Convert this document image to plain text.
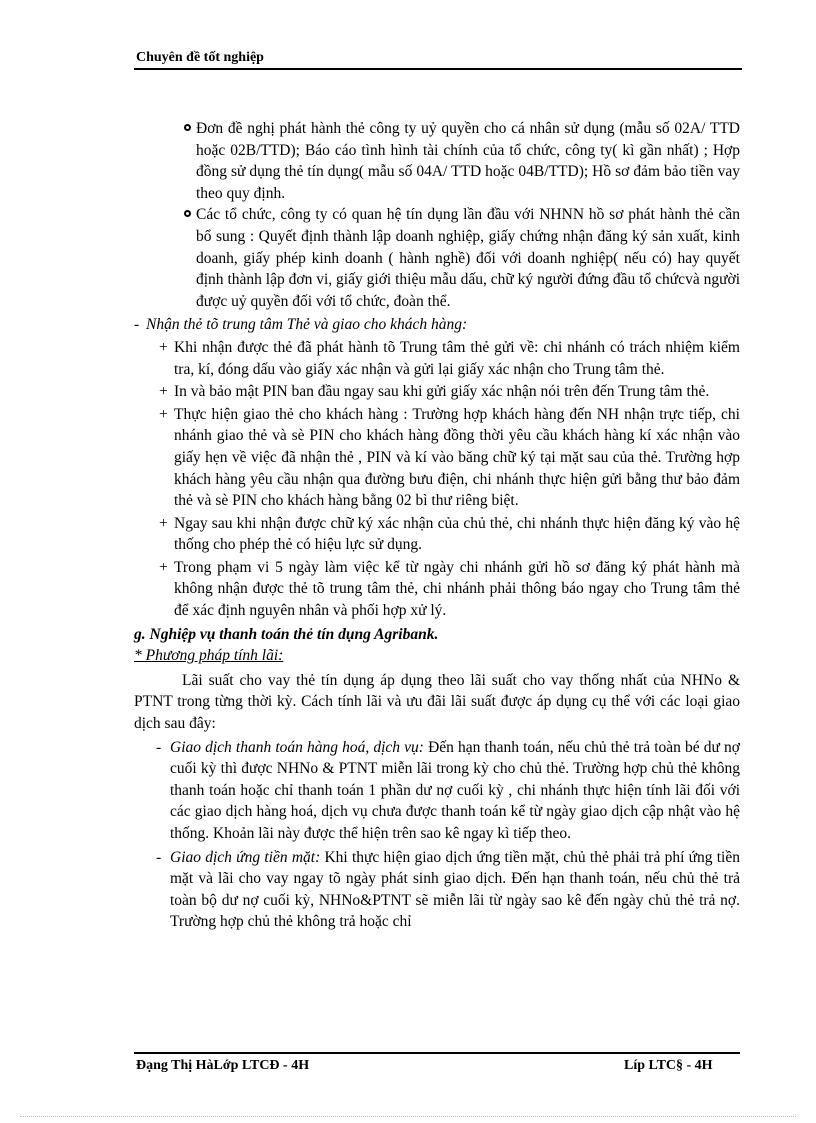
Chuyên đề tốt nghiệp
Đơn đề nghị phát hành thẻ công ty uỷ quyền cho cá nhân sử dụng (mẫu số 02A/ TTD hoặc 02B/TTD); Báo cáo tình hình tài chính của tổ chức, công ty( kì gần nhất) ; Hợp đồng sử dụng thẻ tín dụng( mẫu số 04A/ TTD hoặc 04B/TTD); Hồ sơ đảm bảo tiền vay theo quy định.
Các tổ chức, công ty có quan hệ tín dụng lần đầu với NHNN hồ sơ phát hành thẻ cần bổ sung : Quyết định thành lập doanh nghiệp, giấy chứng nhận đăng ký sản xuất, kinh doanh, giấy phép kinh doanh ( hành nghề) đối với doanh nghiệp( nếu có) hay quyết định thành lập đơn vi, giấy giới thiệu mẫu dấu, chữ ký người đứng đầu tổ chứcvà người được uỷ quyền đối với tổ chức, đoàn thể.
- Nhận thẻ tõ trung tâm Thẻ và giao cho khách hàng:
+ Khi nhận được thẻ đã phát hành tõ Trung tâm thẻ gửi về: chi nhánh có trách nhiệm kiểm tra, kí, đóng dấu vào giấy xác nhận và gửi lại giấy xác nhận cho Trung tâm thẻ.
+ In và bảo mật PIN ban đầu ngay sau khi gửi giấy xác nhận nói trên đến Trung tâm thẻ.
+ Thực hiện giao thẻ cho khách hàng : Trường hợp khách hàng đến NH nhận trực tiếp, chi nhánh giao thẻ và sè PIN cho khách hàng đồng thời yêu cầu khách hàng kí xác nhận vào giấy hẹn về việc đã nhận thẻ , PIN và kí vào băng chữ ký tại mặt sau của thẻ. Trường hợp khách hàng yêu cầu nhận qua đường bưu điện, chi nhánh thực hiện gửi bằng thư bảo đảm thẻ và sè PIN cho khách hàng bằng 02 bì thư riêng biệt.
+ Ngay sau khi nhận được chữ ký xác nhận của chủ thẻ, chi nhánh thực hiện đăng ký vào hệ thống cho phép thẻ có hiệu lực sử dụng.
+ Trong phạm vi 5 ngày làm việc kể từ ngày chi nhánh gửi hồ sơ đăng ký phát hành mà không nhận được thẻ tõ trung tâm thẻ, chi nhánh phải thông báo ngay cho Trung tâm thẻ để xác định nguyên nhân và phối hợp xử lý.
g. Nghiệp vụ thanh toán thẻ tín dụng Agribank.
* Phương pháp tính lãi:
Lãi suất cho vay thẻ tín dụng áp dụng theo lãi suất cho vay thống nhất của NHNo & PTNT trong từng thời kỳ. Cách tính lãi và ưu đãi lãi suất được áp dụng cụ thể với các loại giao dịch sau đây:
- Giao dịch thanh toán hàng hoá, dịch vụ: Đến hạn thanh toán, nếu chủ thẻ trả toàn bé dư nợ cuối kỳ thì được NHNo & PTNT miễn lãi trong kỳ cho chủ thẻ. Trường hợp chủ thẻ không thanh toán hoặc chỉ thanh toán 1 phần dư nợ cuối kỳ , chi nhánh thực hiện tính lãi đối với các giao dịch hàng hoá, dịch vụ chưa được thanh toán kể từ ngày giao dịch cập nhật vào hệ thống. Khoản lãi này được thể hiện trên sao kê ngay kì tiếp theo.
- Giao dịch ứng tiền mặt: Khi thực hiện giao dịch ứng tiền mặt, chủ thẻ phải trả phí ứng tiền mặt và lãi cho vay ngay tõ ngày phát sinh giao dịch. Đến hạn thanh toán, nếu chủ thẻ trả toàn bộ dư nợ cuối kỳ, NHNo&PTNT sẽ miễn lãi từ ngày sao kê đến ngày chủ thẻ trả nợ. Trường hợp chủ thẻ không trả hoặc chỉ
Đạng Thị HàLớp LTCĐ - 4H	Líp LTC§ - 4H
